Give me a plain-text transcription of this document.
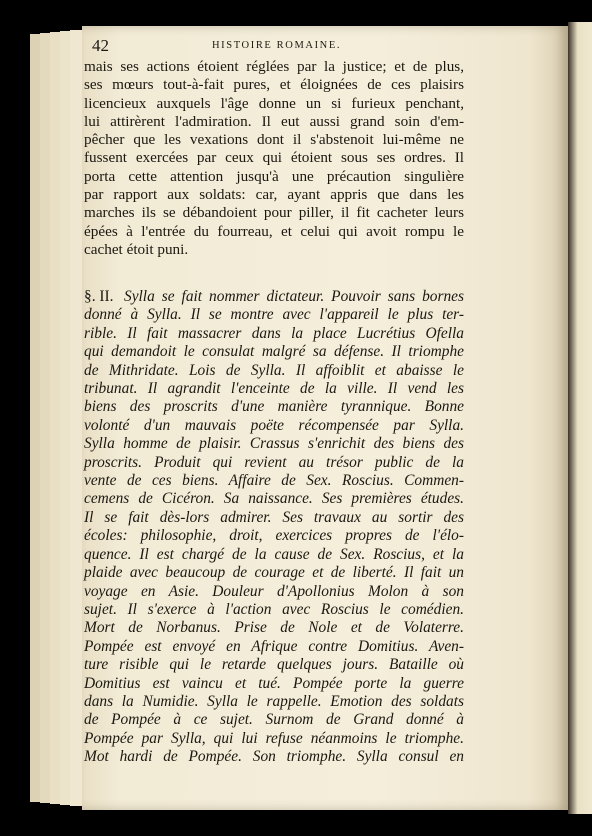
42	HISTOIRE ROMAINE.
mais ses actions étoient réglées par la justice; et de plus,
ses mœurs tout-à-fait pures, et éloignées de ces plaisirs
licencieux auxquels l'âge donne un si furieux penchant,
lui attirèrent l'admiration. Il eut aussi grand soin d'em-
pêcher que les vexations dont il s'abstenoit lui-même ne
fussent exercées par ceux qui étoient sous ses ordres. Il
porta cette attention jusqu'à une précaution singulière
par rapport aux soldats: car, ayant appris que dans les
marches ils se débandoient pour piller, il fit cacheter leurs
épées à l'entrée du fourreau, et celui qui avoit rompu le
cachet étoit puni.
§. II. Sylla se fait nommer dictateur. Pouvoir sans bornes
donné à Sylla. Il se montre avec l'appareil le plus ter-
rible. Il fait massacrer dans la place Lucrétius Ofella
qui demandoit le consulat malgré sa défense. Il triomphe
de Mithridate. Lois de Sylla. Il affoiblit et abaisse le
tribunat. Il agrandit l'enceinte de la ville. Il vend les
biens des proscrits d'une manière tyrannique. Bonne
volonté d'un mauvais poëte récompensée par Sylla.
Sylla homme de plaisir. Crassus s'enrichit des biens des
proscrits. Produit qui revient au trésor public de la
vente de ces biens. Affaire de Sex. Roscius. Commen-
cemens de Cicéron. Sa naissance. Ses premières études.
Il se fait dès-lors admirer. Ses travaux au sortir des
écoles: philosophie, droit, exercices propres de l'élo-
quence. Il est chargé de la cause de Sex. Roscius, et la
plaide avec beaucoup de courage et de liberté. Il fait un
voyage en Asie. Douleur d'Apollonius Molon à son
sujet. Il s'exerce à l'action avec Roscius le comédien.
Mort de Norbanus. Prise de Nole et de Volaterre.
Pompée est envoyé en Afrique contre Domitius. Aven-
ture risible qui le retarde quelques jours. Bataille où
Domitius est vaincu et tué. Pompée porte la guerre
dans la Numidie. Sylla le rappelle. Emotion des soldats
de Pompée à ce sujet. Surnom de Grand donné à
Pompée par Sylla, qui lui refuse néanmoins le triomphe.
Mot hardi de Pompée. Son triomphe. Sylla consul en
